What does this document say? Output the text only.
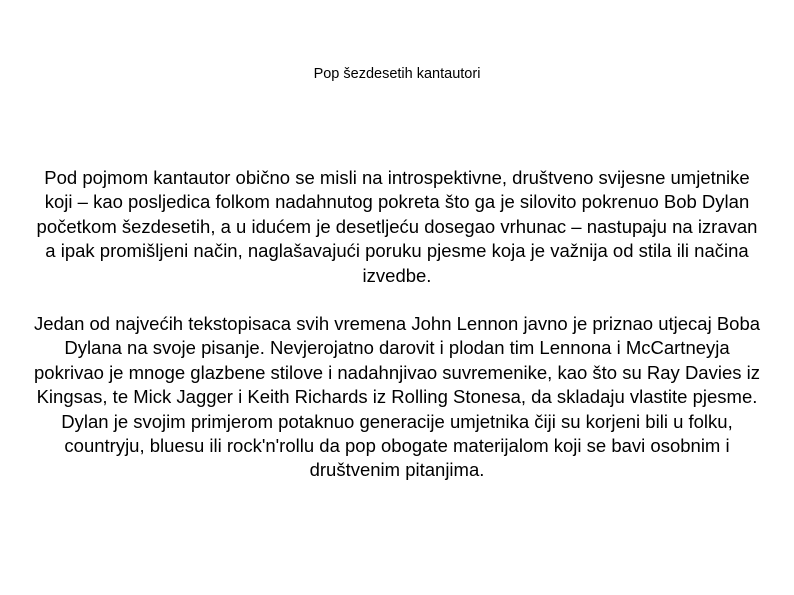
Pop šezdesetih kantautori

Pod pojmom kantautor obično se misli na introspektivne, društveno svijesne umjetnike koji – kao posljedica folkom nadahnutog pokreta što ga je silovito pokrenuo Bob Dylan početkom šezdesetih, a u idućem je desetljeću dosegao vrhunac – nastupaju na izravan a ipak promišljeni način, naglašavajući poruku pjesme koja je važnija od stila ili načina izvedbe.

Jedan od najvećih tekstopisaca svih vremena John Lennon javno je priznao utjecaj Boba Dylana na svoje pisanje. Nevjerojatno darovit i plodan tim Lennona i McCartneyja pokrivao je mnoge glazbene stilove i nadahnjivao suvremenike, kao što su Ray Davies iz Kingsas, te Mick Jagger i Keith Richards iz Rolling Stonesa, da skladaju vlastite pjesme. Dylan je svojim primjerom potaknuo generacije umjetnika čiji su korjeni bili u folku, countryju, bluesu ili rock'n'rollu da pop obogate materijalom koji se bavi osobnim i društvenim pitanjima.
